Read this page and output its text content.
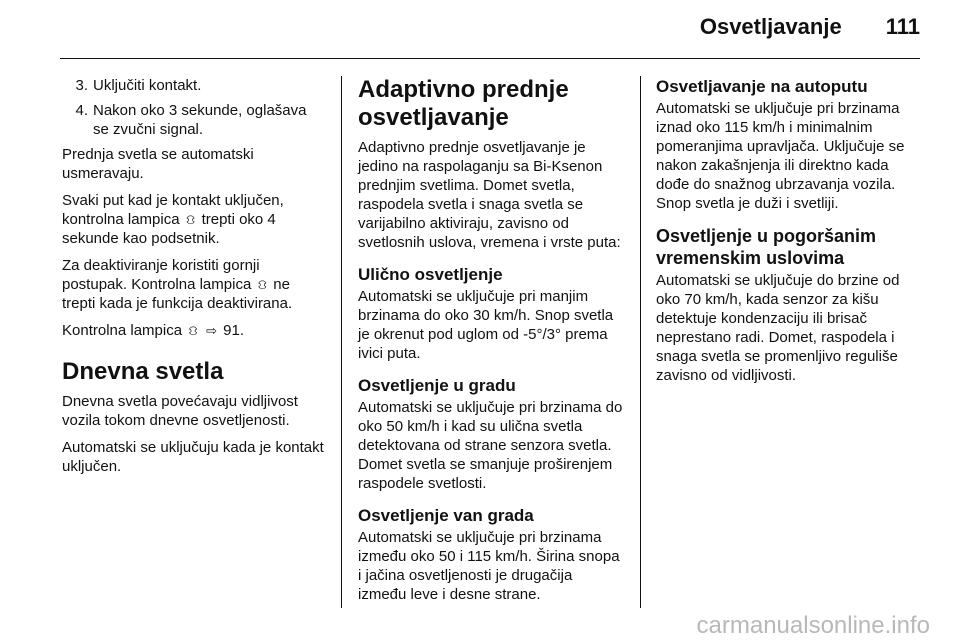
Osvetljavanje 111
3. Uključiti kontakt.
4. Nakon oko 3 sekunde, oglašava se zvučni signal.

Prednja svetla se automatski usmeravaju.

Svaki put kad je kontakt uključen, kontrolna lampica ⛻ trepti oko 4 sekunde kao podsetnik.

Za deaktiviranje koristiti gornji postupak. Kontrolna lampica ⛻ ne trepti kada je funkcija deaktivirana.

Kontrolna lampica ⛻ ⇨ 91.

Dnevna svetla

Dnevna svetla povećavaju vidljivost vozila tokom dnevne osvetljenosti.

Automatski se uključuju kada je kontakt uključen.

Adaptivno prednje osvetljavanje

Adaptivno prednje osvetljavanje je jedino na raspolaganju sa Bi-Ksenon prednjim svetlima. Domet svetla, raspodela svetla i snaga svetla se varijabilno aktiviraju, zavisno od svetlosnih uslova, vremena i vrste puta:

Ulično osvetljenje

Automatski se uključuje pri manjim brzinama do oko 30 km/h. Snop svetla je okrenut pod uglom od -5°/3° prema ivici puta.

Osvetljenje u gradu

Automatski se uključuje pri brzinama do oko 50 km/h i kad su ulična svetla detektovana od strane senzora svetla. Domet svetla se smanjuje proširenjem raspodele svetlosti.

Osvetljenje van grada

Automatski se uključuje pri brzinama između oko 50 i 115 km/h. Širina snopa i jačina osvetljenosti je drugačija između leve i desne strane.

Osvetljavanje na autoputu

Automatski se uključuje pri brzinama iznad oko 115 km/h i minimalnim pomeranjima upravljača. Uključuje se nakon zakašnjenja ili direktno kada dođe do snažnog ubrzavanja vozila. Snop svetla je duži i svetliji.

Osvetljenje u pogoršanim vremenskim uslovima

Automatski se uključuje do brzine od oko 70 km/h, kada senzor za kišu detektuje kondenzaciju ili brisač neprestano radi. Domet, raspodela i snaga svetla se promenljivo reguliše zavisno od vidljivosti.

carmanualsonline.info
